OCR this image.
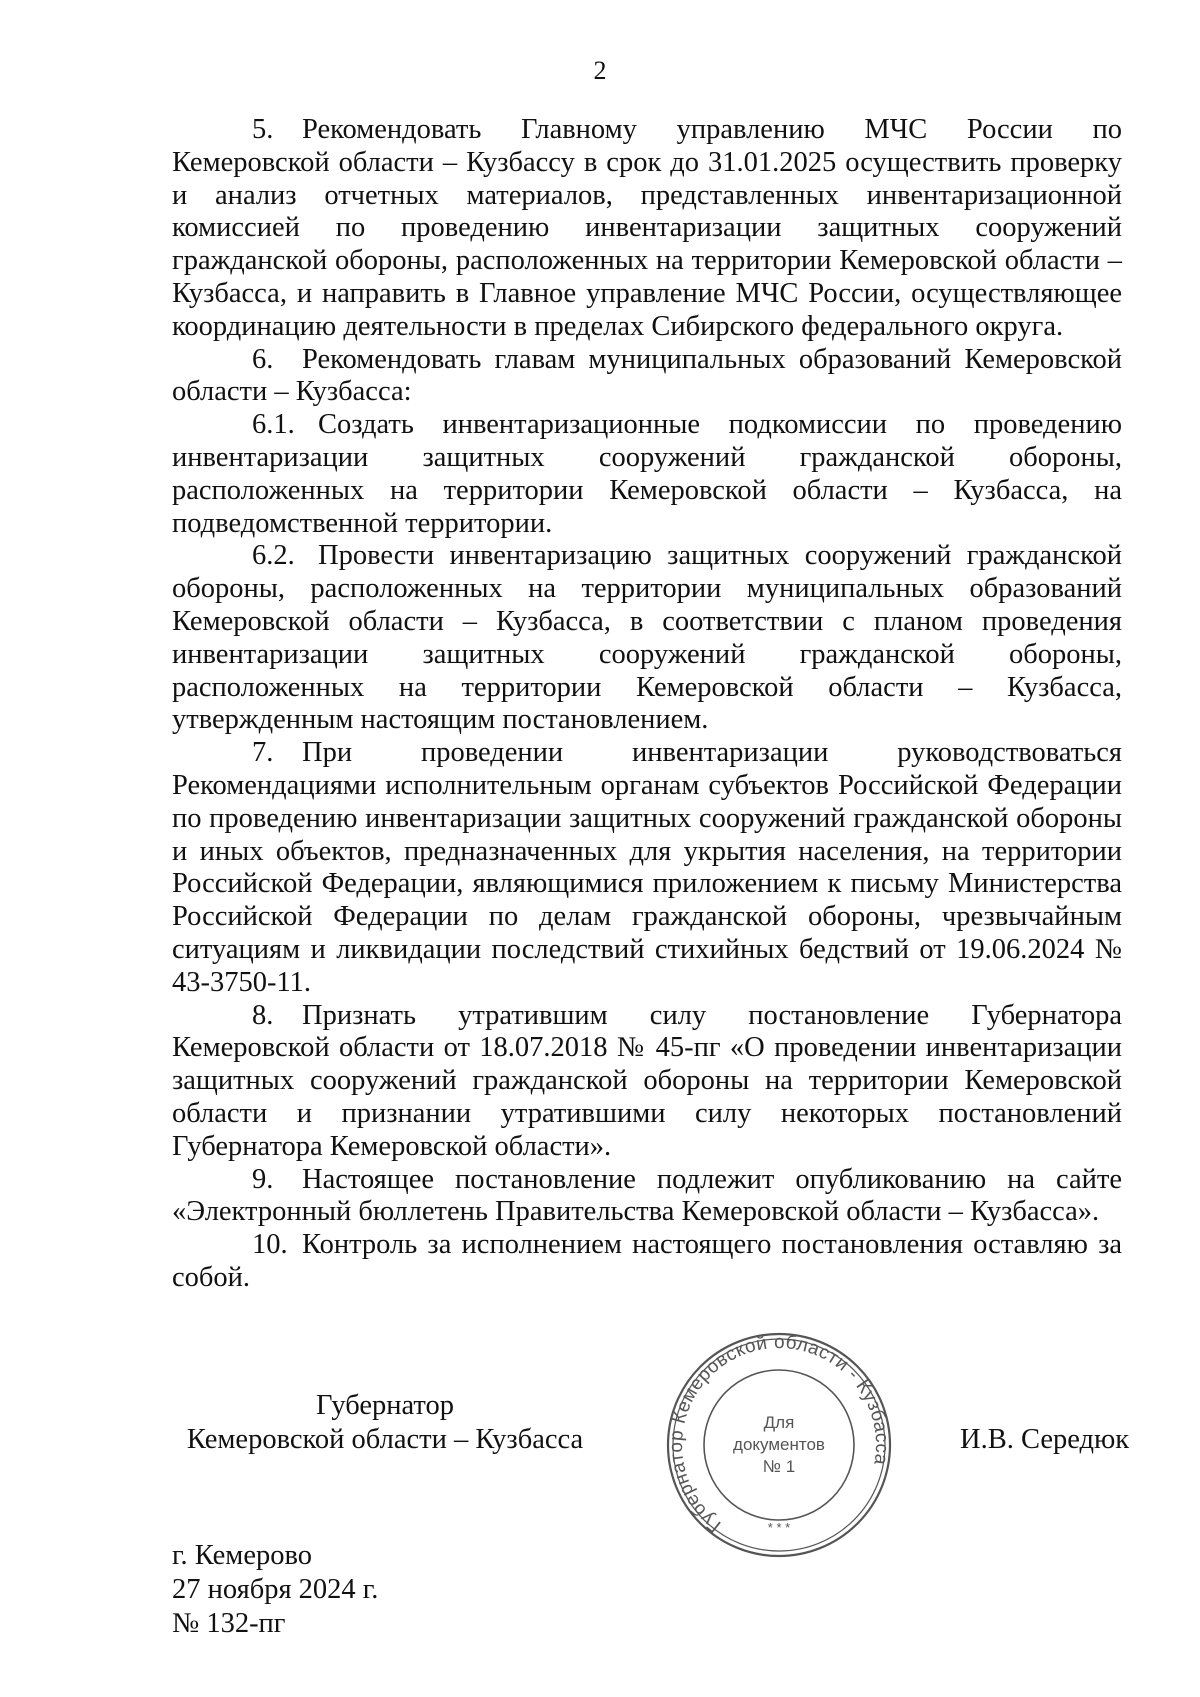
2

5. Рекомендовать Главному управлению МЧС России по Кемеровской области – Кузбассу в срок до 31.01.2025 осуществить проверку и анализ отчетных материалов, представленных инвентаризационной комиссией по проведению инвентаризации защитных сооружений гражданской обороны, расположенных на территории Кемеровской области – Кузбасса, и направить в Главное управление МЧС России, осуществляющее координацию деятельности в пределах Сибирского федерального округа.

6. Рекомендовать главам муниципальных образований Кемеровской области – Кузбасса:

6.1. Создать инвентаризационные подкомиссии по проведению инвентаризации защитных сооружений гражданской обороны, расположенных на территории Кемеровской области – Кузбасса, на подведомственной территории.

6.2. Провести инвентаризацию защитных сооружений гражданской обороны, расположенных на территории муниципальных образований Кемеровской области – Кузбасса, в соответствии с планом проведения инвентаризации защитных сооружений гражданской обороны, расположенных на территории Кемеровской области – Кузбасса, утвержденным настоящим постановлением.

7. При проведении инвентаризации руководствоваться Рекомендациями исполнительным органам субъектов Российской Федерации по проведению инвентаризации защитных сооружений гражданской обороны и иных объектов, предназначенных для укрытия населения, на территории Российской Федерации, являющимися приложением к письму Министерства Российской Федерации по делам гражданской обороны, чрезвычайным ситуациям и ликвидации последствий стихийных бедствий от 19.06.2024 № 43-3750-11.

8. Признать утратившим силу постановление Губернатора Кемеровской области от 18.07.2018 № 45-пг «О проведении инвентаризации защитных сооружений гражданской обороны на территории Кемеровской области и признании утратившими силу некоторых постановлений Губернатора Кемеровской области».

9. Настоящее постановление подлежит опубликованию на сайте «Электронный бюллетень Правительства Кемеровской области – Кузбасса».

10. Контроль за исполнением настоящего постановления оставляю за собой.

Губернатор
Кемеровской области – Кузбасса
Губернатор Кемеровской области - Кузбасса
Для
документов
№ 1
* * *
И.В. Середюк
г. Кемерово
27 ноября 2024 г.
№ 132-пг
